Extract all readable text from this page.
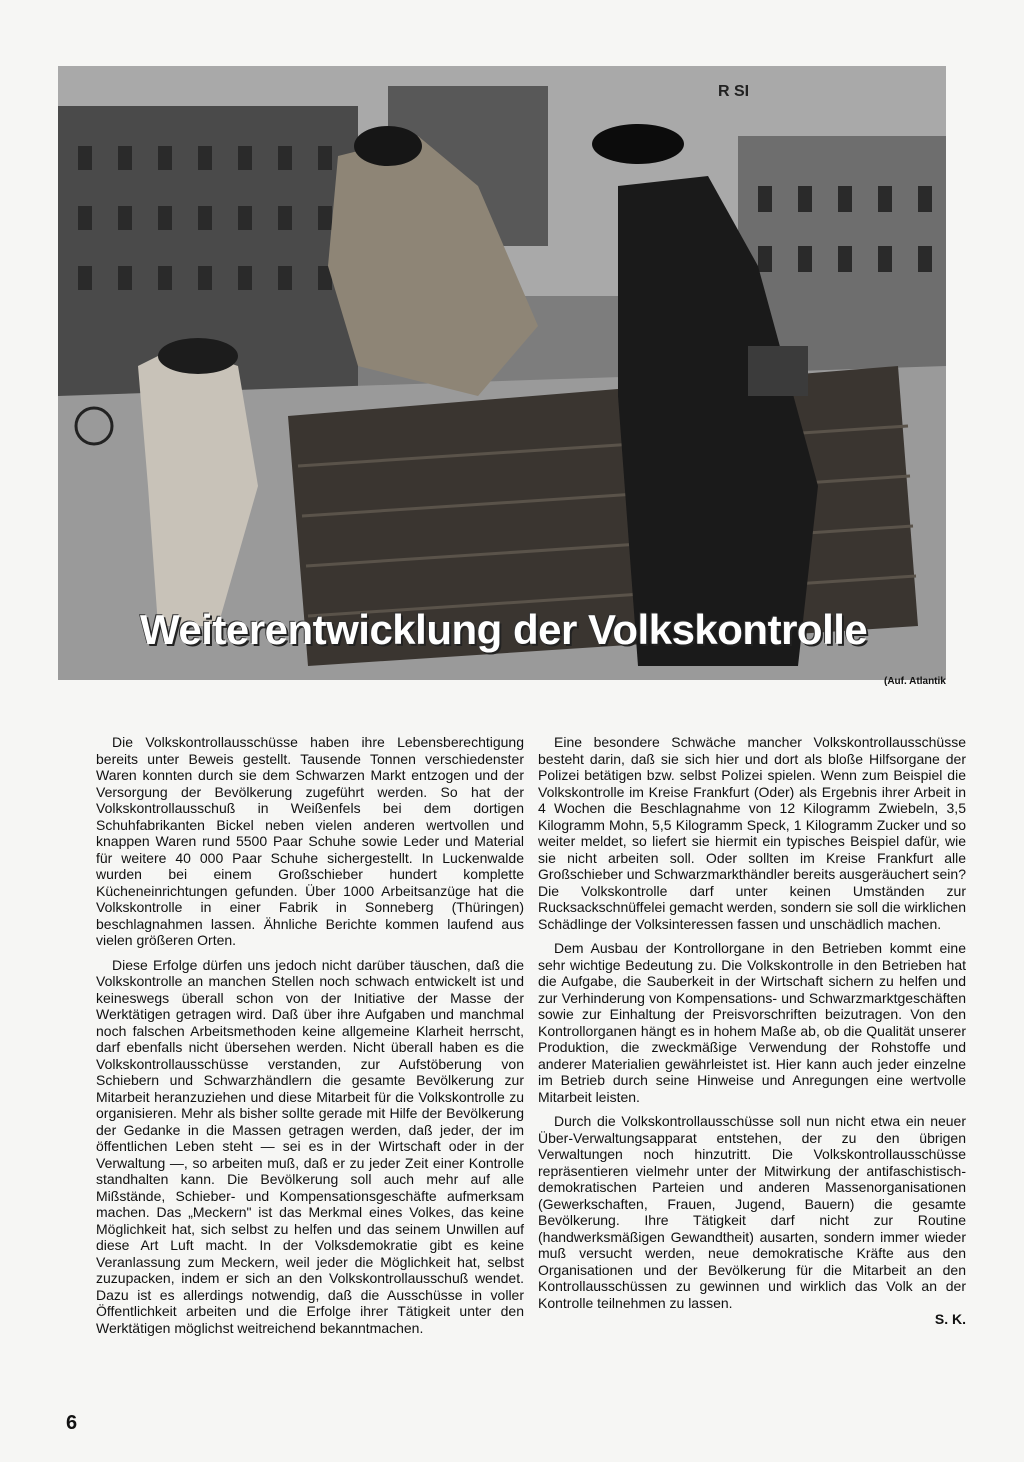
R SI
Weiterentwicklung der Volkskontrolle
(Auf. Atlantik

Die Volkskontrollausschüsse haben ihre Lebensberechtigung bereits unter Beweis gestellt. Tausende Tonnen verschiedenster Waren konnten durch sie dem Schwarzen Markt entzogen und der Versorgung der Bevölkerung zugeführt werden. So hat der Volkskontrollausschuß in Weißenfels bei dem dortigen Schuhfabrikanten Bickel neben vielen anderen wertvollen und knappen Waren rund 5500 Paar Schuhe sowie Leder und Material für weitere 40 000 Paar Schuhe sichergestellt. In Luckenwalde wurden bei einem Großschieber hundert komplette Kücheneinrichtungen gefunden. Über 1000 Arbeitsanzüge hat die Volkskontrolle in einer Fabrik in Sonneberg (Thüringen) beschlagnahmen lassen. Ähnliche Berichte kommen laufend aus vielen größeren Orten.

Diese Erfolge dürfen uns jedoch nicht darüber täuschen, daß die Volkskontrolle an manchen Stellen noch schwach entwickelt ist und keineswegs überall schon von der Initiative der Masse der Werktätigen getragen wird. Daß über ihre Aufgaben und manchmal noch falschen Arbeitsmethoden keine allgemeine Klarheit herrscht, darf ebenfalls nicht übersehen werden. Nicht überall haben es die Volkskontrollausschüsse verstanden, zur Aufstöberung von Schiebern und Schwarzhändlern die gesamte Bevölkerung zur Mitarbeit heranzuziehen und diese Mitarbeit für die Volkskontrolle zu organisieren. Mehr als bisher sollte gerade mit Hilfe der Bevölkerung der Gedanke in die Massen getragen werden, daß jeder, der im öffentlichen Leben steht — sei es in der Wirtschaft oder in der Verwaltung —, so arbeiten muß, daß er zu jeder Zeit einer Kontrolle standhalten kann. Die Bevölkerung soll auch mehr auf alle Mißstände, Schieber- und Kompensationsgeschäfte aufmerksam machen. Das „Meckern" ist das Merkmal eines Volkes, das keine Möglichkeit hat, sich selbst zu helfen und das seinem Unwillen auf diese Art Luft macht. In der Volksdemokratie gibt es keine Veranlassung zum Meckern, weil jeder die Möglichkeit hat, selbst zuzupacken, indem er sich an den Volkskontrollausschuß wendet. Dazu ist es allerdings notwendig, daß die Ausschüsse in voller Öffentlichkeit arbeiten und die Erfolge ihrer Tätigkeit unter den Werktätigen möglichst weitreichend bekanntmachen.

Eine besondere Schwäche mancher Volkskontrollausschüsse besteht darin, daß sie sich hier und dort als bloße Hilfsorgane der Polizei betätigen bzw. selbst Polizei spielen. Wenn zum Beispiel die Volkskontrolle im Kreise Frankfurt (Oder) als Ergebnis ihrer Arbeit in 4 Wochen die Beschlagnahme von 12 Kilogramm Zwiebeln, 3,5 Kilogramm Mohn, 5,5 Kilogramm Speck, 1 Kilogramm Zucker und so weiter meldet, so liefert sie hiermit ein typisches Beispiel dafür, wie sie nicht arbeiten soll. Oder sollten im Kreise Frankfurt alle Großschieber und Schwarzmarkthändler bereits ausgeräuchert sein? Die Volkskontrolle darf unter keinen Umständen zur Rucksackschnüffelei gemacht werden, sondern sie soll die wirklichen Schädlinge der Volksinteressen fassen und unschädlich machen.

Dem Ausbau der Kontrollorgane in den Betrieben kommt eine sehr wichtige Bedeutung zu. Die Volkskontrolle in den Betrieben hat die Aufgabe, die Sauberkeit in der Wirtschaft sichern zu helfen und zur Verhinderung von Kompensations- und Schwarzmarktgeschäften sowie zur Einhaltung der Preisvorschriften beizutragen. Von den Kontrollorganen hängt es in hohem Maße ab, ob die Qualität unserer Produktion, die zweckmäßige Verwendung der Rohstoffe und anderer Materialien gewährleistet ist. Hier kann auch jeder einzelne im Betrieb durch seine Hinweise und Anregungen eine wertvolle Mitarbeit leisten.

Durch die Volkskontrollausschüsse soll nun nicht etwa ein neuer Über-Verwaltungsapparat entstehen, der zu den übrigen Verwaltungen noch hinzutritt. Die Volkskontrollausschüsse repräsentieren vielmehr unter der Mitwirkung der antifaschistisch-demokratischen Parteien und anderen Massenorganisationen (Gewerkschaften, Frauen, Jugend, Bauern) die gesamte Bevölkerung. Ihre Tätigkeit darf nicht zur Routine (handwerksmäßigen Gewandtheit) ausarten, sondern immer wieder muß versucht werden, neue demokratische Kräfte aus den Organisationen und der Bevölkerung für die Mitarbeit an den Kontrollausschüssen zu gewinnen und wirklich das Volk an der Kontrolle teilnehmen zu lassen.

S. K.
6
